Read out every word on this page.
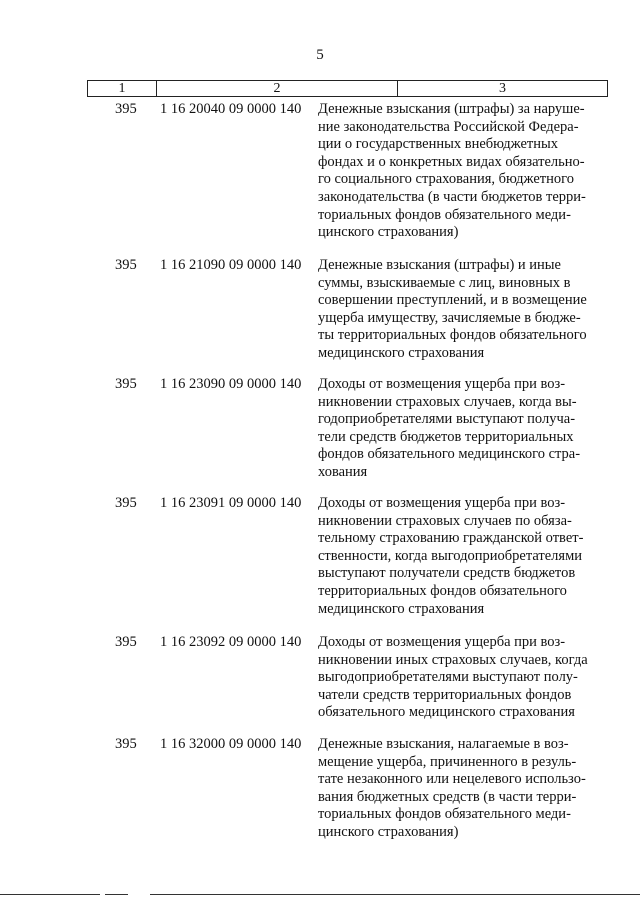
5
1	2	3
395 1 16 20040 09 0000 140 Денежные взыскания (штрафы) за наруше-
ние законодательства Российской Федера-
ции о государственных внебюджетных
фондах и о конкретных видах обязательно-
го социального страхования, бюджетного
законодательства (в части бюджетов терри-
ториальных фондов обязательного меди-
цинского страхования)
395 1 16 21090 09 0000 140 Денежные взыскания (штрафы) и иные
суммы, взыскиваемые с лиц, виновных в
совершении преступлений, и в возмещение
ущерба имуществу, зачисляемые в бюдже-
ты территориальных фондов обязательного
медицинского страхования
395 1 16 23090 09 0000 140 Доходы от возмещения ущерба при воз-
никновении страховых случаев, когда вы-
годоприобретателями выступают получа-
тели средств бюджетов территориальных
фондов обязательного медицинского стра-
хования
395 1 16 23091 09 0000 140 Доходы от возмещения ущерба при воз-
никновении страховых случаев по обяза-
тельному страхованию гражданской ответ-
ственности, когда выгодоприобретателями
выступают получатели средств бюджетов
территориальных фондов обязательного
медицинского страхования
395 1 16 23092 09 0000 140 Доходы от возмещения ущерба при воз-
никновении иных страховых случаев, когда
выгодоприобретателями выступают полу-
чатели средств территориальных фондов
обязательного медицинского страхования
395 1 16 32000 09 0000 140 Денежные взыскания, налагаемые в воз-
мещение ущерба, причиненного в резуль-
тате незаконного или нецелевого использо-
вания бюджетных средств (в части терри-
ториальных фондов обязательного меди-
цинского страхования)
